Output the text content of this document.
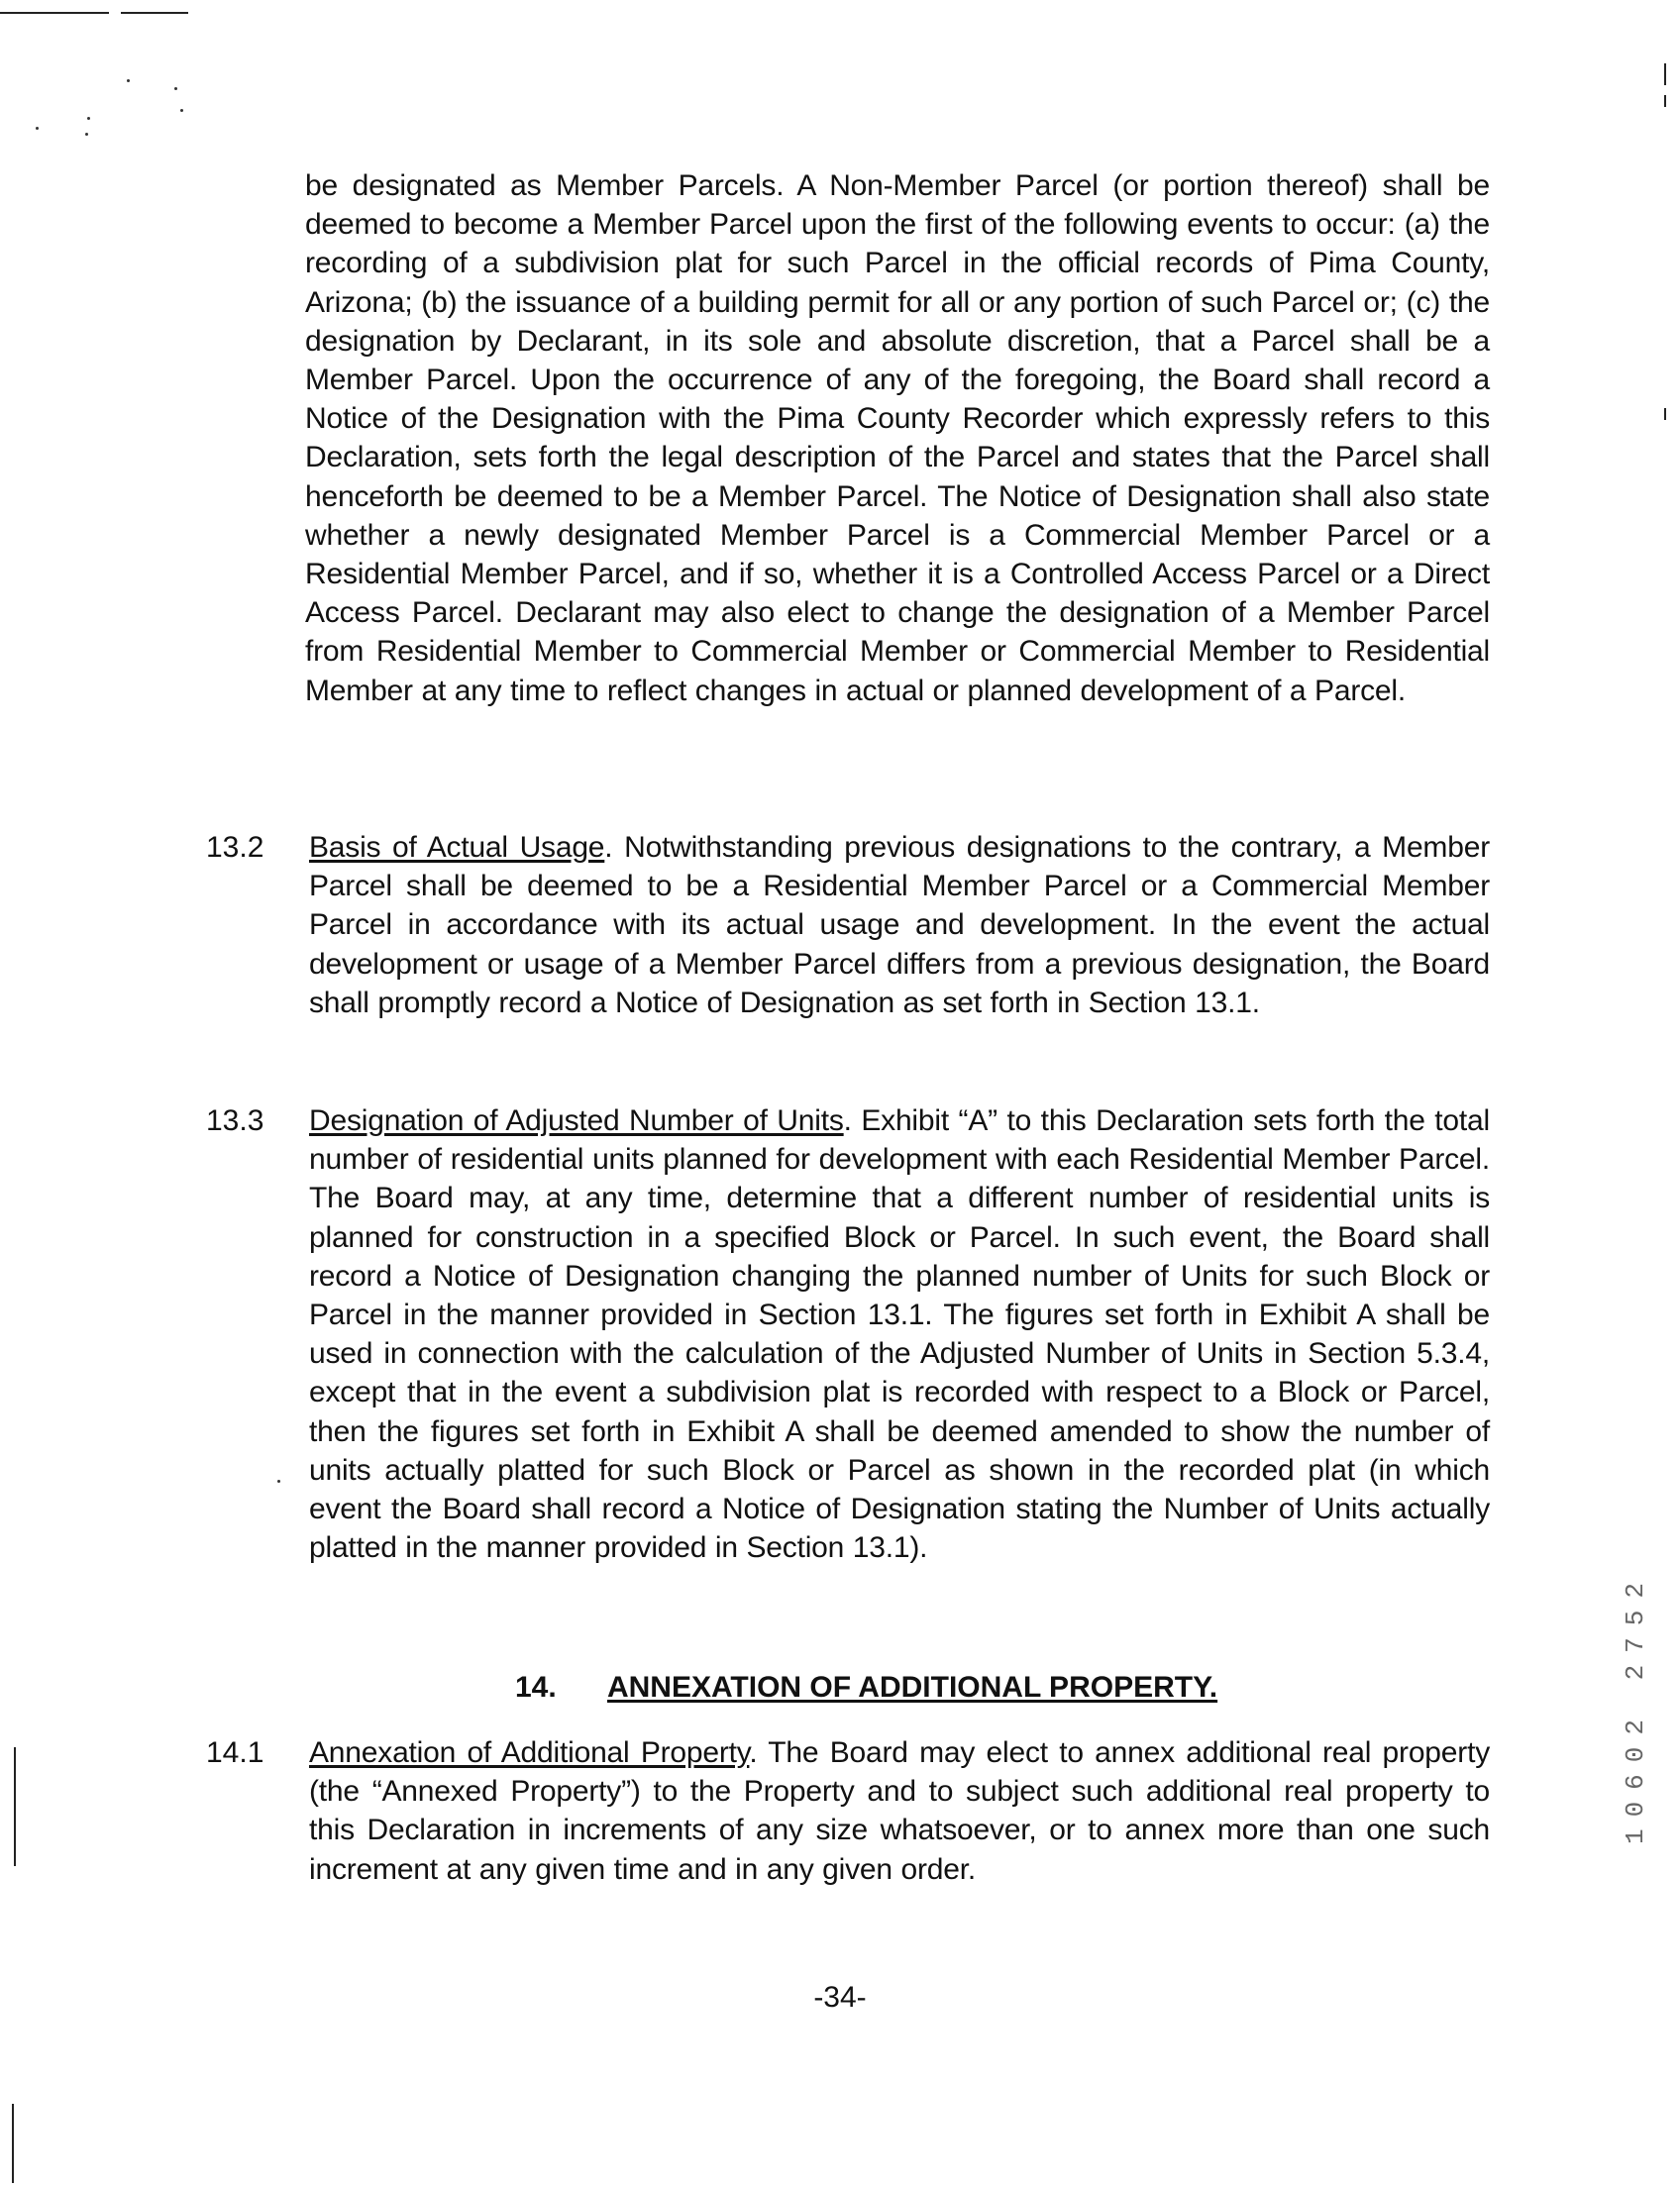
be designated as Member Parcels. A Non-Member Parcel (or portion thereof) shall be deemed to become a Member Parcel upon the first of the following events to occur: (a) the recording of a subdivision plat for such Parcel in the official records of Pima County, Arizona; (b) the issuance of a building permit for all or any portion of such Parcel or; (c) the designation by Declarant, in its sole and absolute discretion, that a Parcel shall be a Member Parcel. Upon the occurrence of any of the foregoing, the Board shall record a Notice of the Designation with the Pima County Recorder which expressly refers to this Declaration, sets forth the legal description of the Parcel and states that the Parcel shall henceforth be deemed to be a Member Parcel. The Notice of Designation shall also state whether a newly designated Member Parcel is a Commercial Member Parcel or a Residential Member Parcel, and if so, whether it is a Controlled Access Parcel or a Direct Access Parcel. Declarant may also elect to change the designation of a Member Parcel from Residential Member to Commercial Member or Commercial Member to Residential Member at any time to reflect changes in actual or planned development of a Parcel.
13.2 Basis of Actual Usage. Notwithstanding previous designations to the contrary, a Member Parcel shall be deemed to be a Residential Member Parcel or a Commercial Member Parcel in accordance with its actual usage and development. In the event the actual development or usage of a Member Parcel differs from a previous designation, the Board shall promptly record a Notice of Designation as set forth in Section 13.1.
13.3 Designation of Adjusted Number of Units. Exhibit “A” to this Declaration sets forth the total number of residential units planned for development with each Residential Member Parcel. The Board may, at any time, determine that a different number of residential units is planned for construction in a specified Block or Parcel. In such event, the Board shall record a Notice of Designation changing the planned number of Units for such Block or Parcel in the manner provided in Section 13.1. The figures set forth in Exhibit A shall be used in connection with the calculation of the Adjusted Number of Units in Section 5.3.4, except that in the event a subdivision plat is recorded with respect to a Block or Parcel, then the figures set forth in Exhibit A shall be deemed amended to show the number of units actually platted for such Block or Parcel as shown in the recorded plat (in which event the Board shall record a Notice of Designation stating the Number of Units actually platted in the manner provided in Section 13.1).
14. ANNEXATION OF ADDITIONAL PROPERTY.
14.1 Annexation of Additional Property. The Board may elect to annex additional real property (the “Annexed Property”) to the Property and to subject such additional real property to this Declaration in increments of any size whatsoever, or to annex more than one such increment at any given time and in any given order.
-34-
10602 2752
